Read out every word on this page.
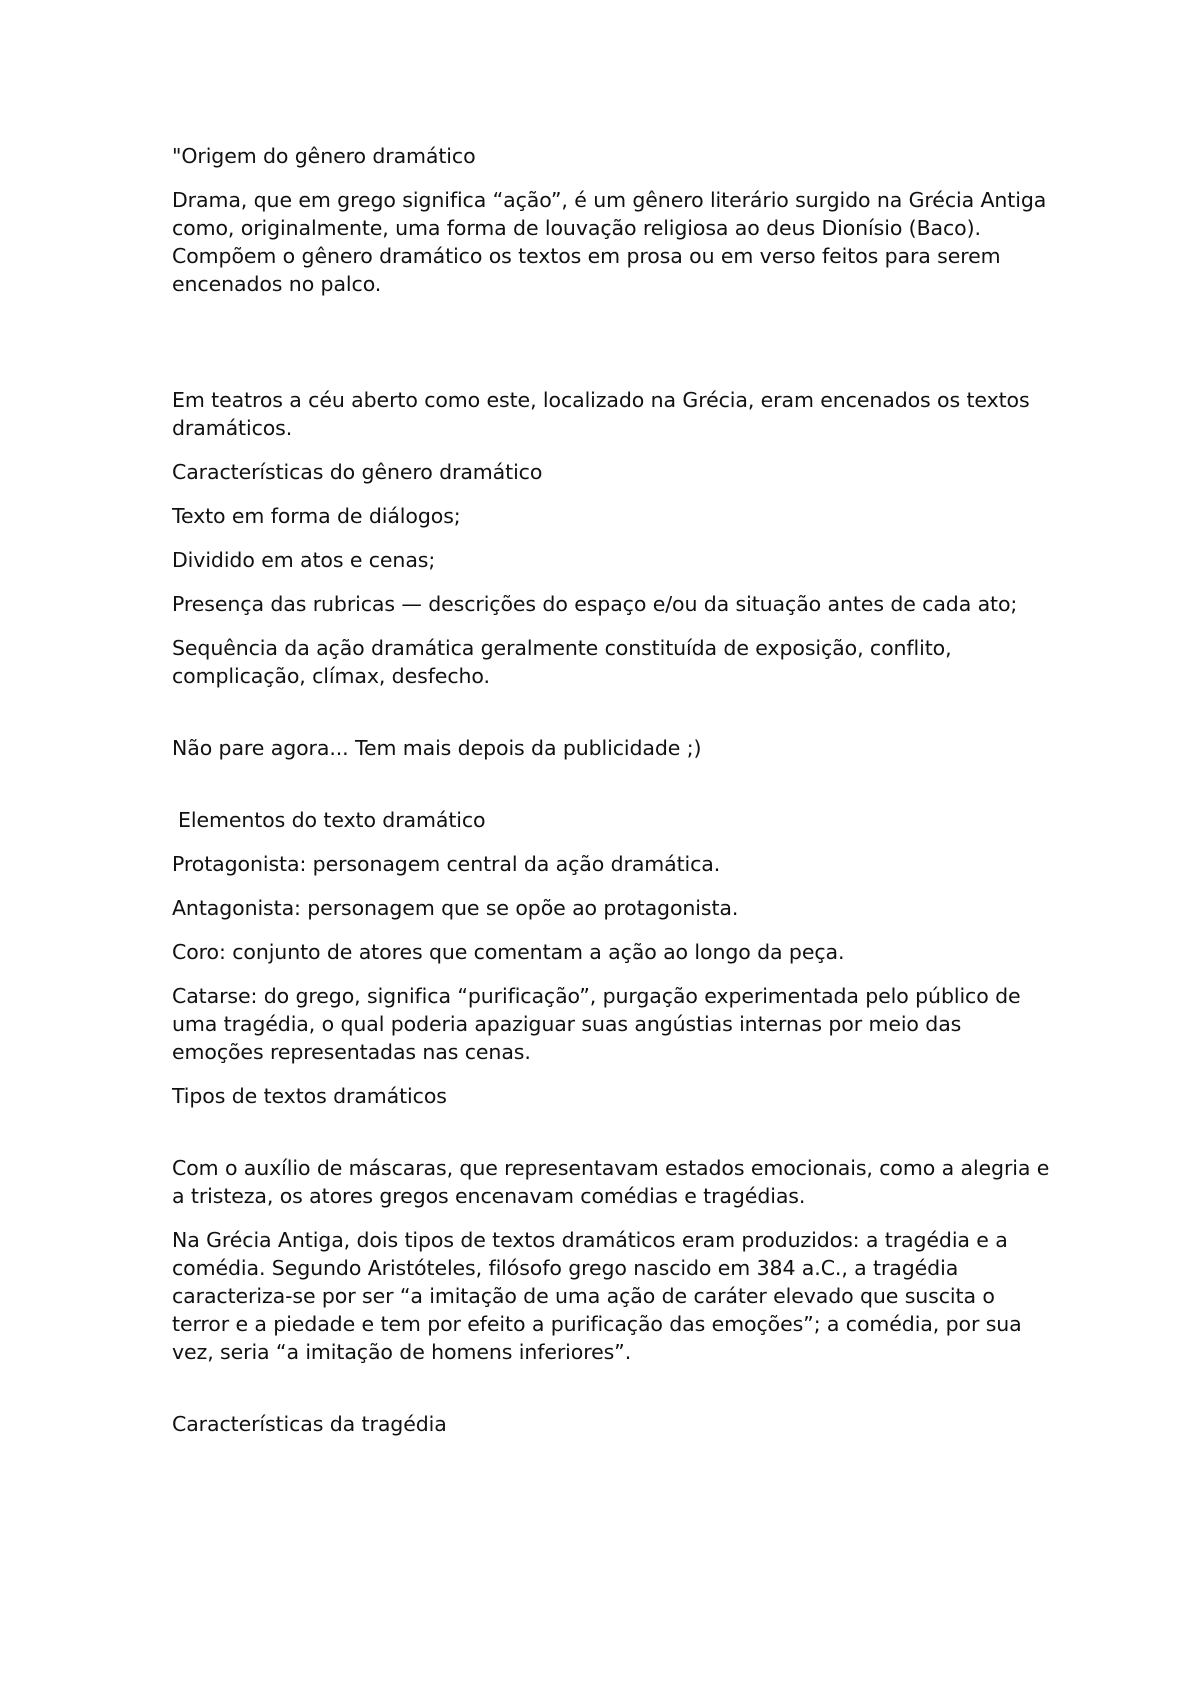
"Origem do gênero dramático

Drama, que em grego significa “ação”, é um gênero literário surgido na Grécia Antiga como, originalmente, uma forma de louvação religiosa ao deus Dionísio (Baco). Compõem o gênero dramático os textos em prosa ou em verso feitos para serem encenados no palco.

Em teatros a céu aberto como este, localizado na Grécia, eram encenados os textos dramáticos.

Características do gênero dramático

Texto em forma de diálogos;

Dividido em atos e cenas;

Presença das rubricas — descrições do espaço e/ou da situação antes de cada ato;

Sequência da ação dramática geralmente constituída de exposição, conflito, complicação, clímax, desfecho.

Não pare agora... Tem mais depois da publicidade ;)

Elementos do texto dramático

Protagonista: personagem central da ação dramática.

Antagonista: personagem que se opõe ao protagonista.

Coro: conjunto de atores que comentam a ação ao longo da peça.

Catarse: do grego, significa “purificação”, purgação experimentada pelo público de uma tragédia, o qual poderia apaziguar suas angústias internas por meio das emoções representadas nas cenas.

Tipos de textos dramáticos

Com o auxílio de máscaras, que representavam estados emocionais, como a alegria e a tristeza, os atores gregos encenavam comédias e tragédias.

Na Grécia Antiga, dois tipos de textos dramáticos eram produzidos: a tragédia e a comédia. Segundo Aristóteles, filósofo grego nascido em 384 a.C., a tragédia caracteriza-se por ser “a imitação de uma ação de caráter elevado que suscita o terror e a piedade e tem por efeito a purificação das emoções”; a comédia, por sua vez, seria “a imitação de homens inferiores”.

Características da tragédia
